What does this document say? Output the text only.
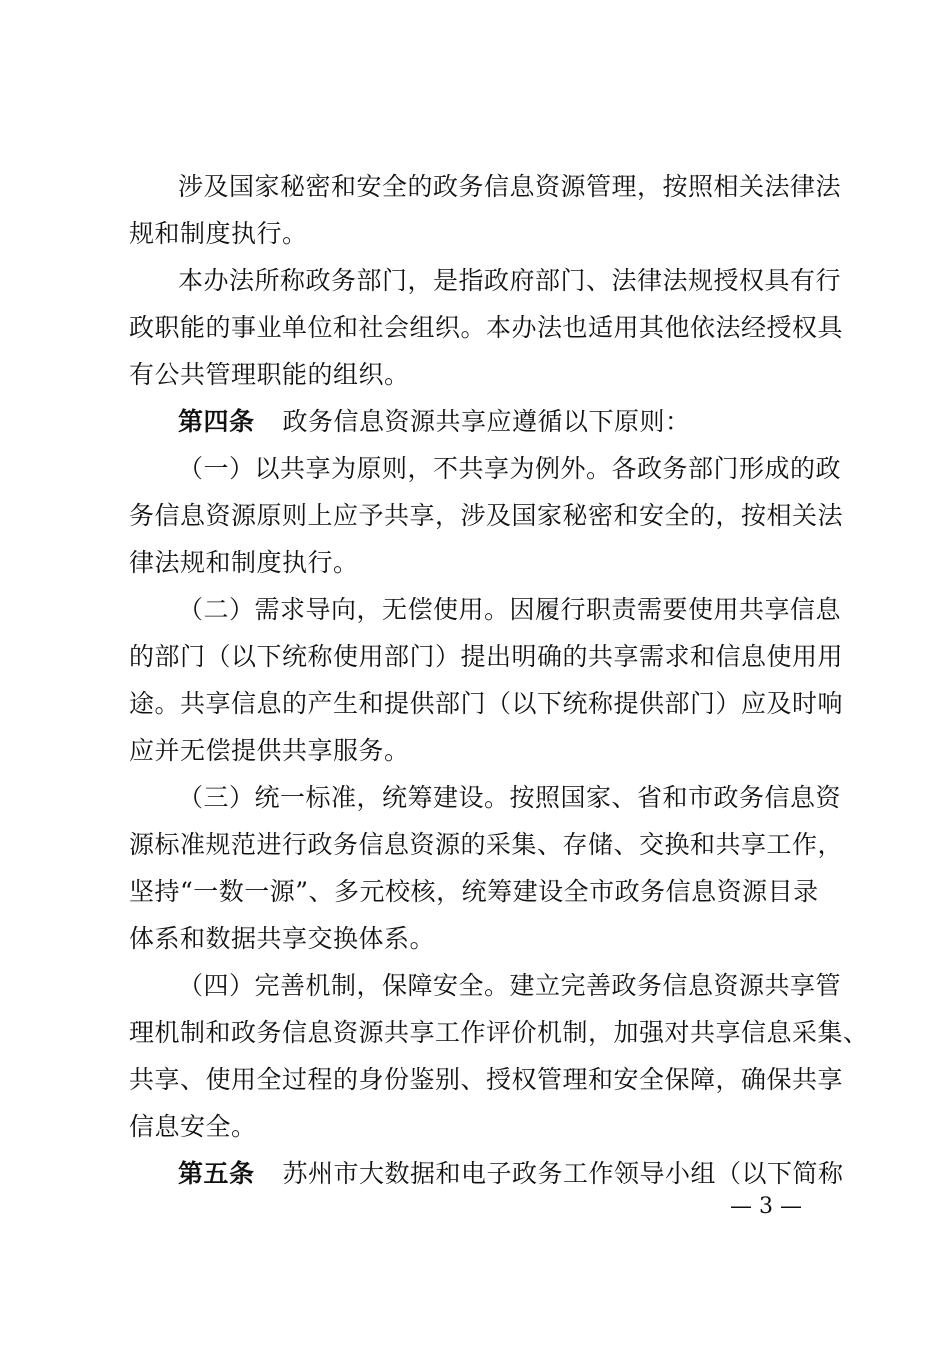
涉及国家秘密和安全的政务信息资源管理，按照相关法律法
规和制度执行。
本办法所称政务部门，是指政府部门、法律法规授权具有行
政职能的事业单位和社会组织。本办法也适用其他依法经授权具
有公共管理职能的组织。
第四条 政务信息资源共享应遵循以下原则：
（一）以共享为原则，不共享为例外。各政务部门形成的政
务信息资源原则上应予共享，涉及国家秘密和安全的，按相关法
律法规和制度执行。
（二）需求导向，无偿使用。因履行职责需要使用共享信息
的部门（以下统称使用部门）提出明确的共享需求和信息使用用
途。共享信息的产生和提供部门（以下统称提供部门）应及时响
应并无偿提供共享服务。
（三）统一标准，统筹建设。按照国家、省和市政务信息资
源标准规范进行政务信息资源的采集、存储、交换和共享工作，
坚持“一数一源”、多元校核，统筹建设全市政务信息资源目录
体系和数据共享交换体系。
（四）完善机制，保障安全。建立完善政务信息资源共享管
理机制和政务信息资源共享工作评价机制，加强对共享信息采集、
共享、使用全过程的身份鉴别、授权管理和安全保障，确保共享
信息安全。
第五条 苏州市大数据和电子政务工作领导小组（以下简称
— 3 —
